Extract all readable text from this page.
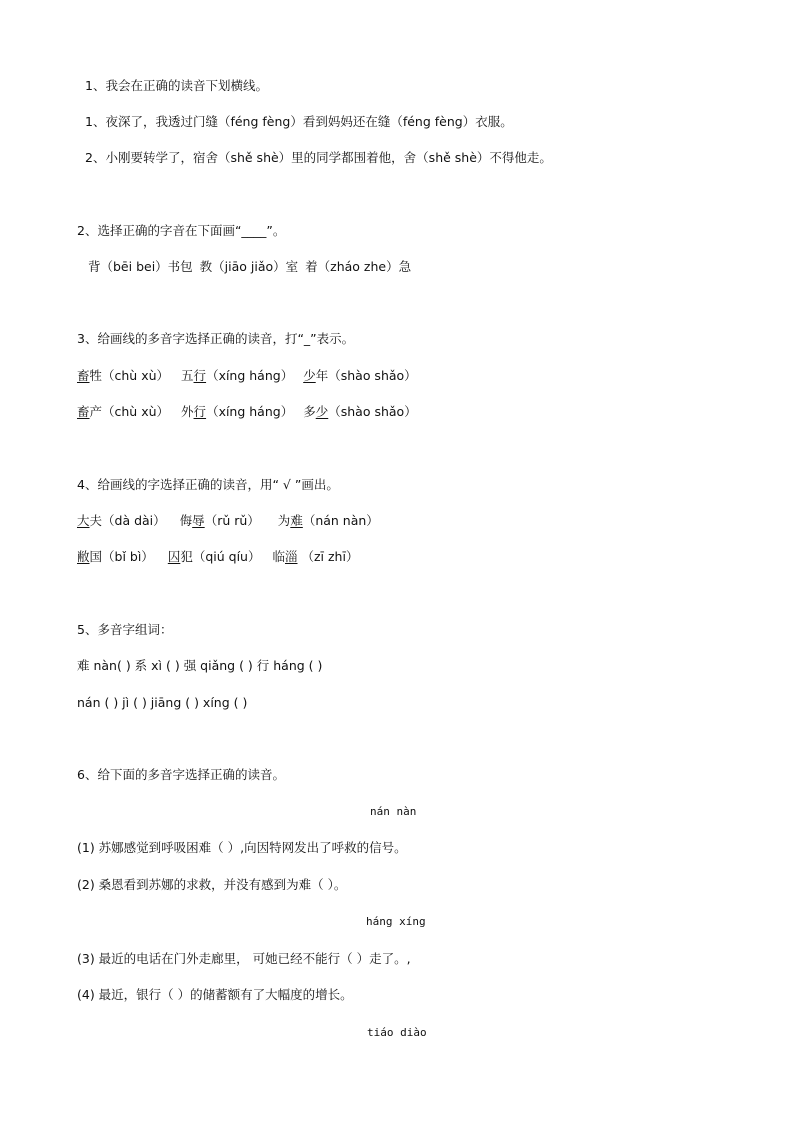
1、我会在正确的读音下划横线。
1、夜深了，我透过门缝（féng fèng）看到妈妈还在缝（féng fèng）衣服。
2、小刚要转学了，宿舍（shě shè）里的同学都围着他，舍（shě shè）不得他走。
2、选择正确的字音在下面画“____”。
背（bēi bei）书包 教（jiāo jiǎo）室 着（zháo zhe）急
3、给画线的多音字选择正确的读音，打“_”表示。
畜牲（chù xù） 五行（xíng háng） 少年（shào shǎo）
畜产（chù xù） 外行（xíng háng） 多少（shào shǎo）
4、给画线的字选择正确的读音，用“ √ ”画出。
大夫（dà dài） 侮辱（rǔ rǔ） 为难（nán nàn）
敝国（bǐ bì） 囚犯（qiú qíu） 临淄 （zī zhī）
5、多音字组词：
难 nàn( ) 系 xì ( ) 强 qiǎng ( ) 行 háng ( )
nán ( ) jì ( ) jiāng ( ) xíng ( )
6、给下面的多音字选择正确的读音。
nán nàn
(1) 苏娜感觉到呼吸困难（ ）,向因特网发出了呼救的信号。
(2) 桑恩看到苏娜的求救，并没有感到为难（ ）。
háng xíng
(3) 最近的电话在门外走廊里， 可她已经不能行（ ）走了。,
(4) 最近，银行（ ）的储蓄额有了大幅度的增长。
tiáo diào
